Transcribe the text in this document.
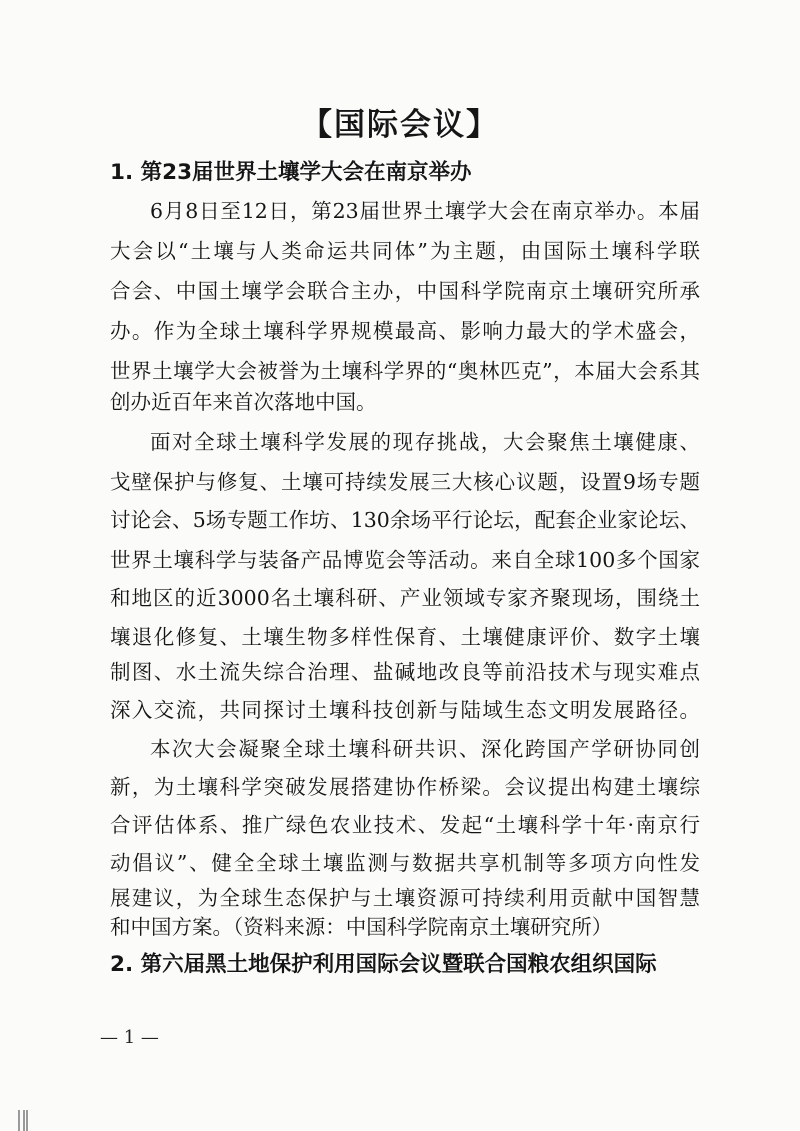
【国际会议】
1. 第23届世界土壤学大会在南京举办
6月8日至12日，第23届世界土壤学大会在南京举办。本届
大会以“土壤与人类命运共同体”为主题，由国际土壤科学联
合会、中国土壤学会联合主办，中国科学院南京土壤研究所承
办。作为全球土壤科学界规模最高、影响力最大的学术盛会，
世界土壤学大会被誉为土壤科学界的“奥林匹克”，本届大会系其
创办近百年来首次落地中国。
面对全球土壤科学发展的现存挑战，大会聚焦土壤健康、
戈壁保护与修复、土壤可持续发展三大核心议题，设置9场专题
讨论会、5场专题工作坊、130余场平行论坛，配套企业家论坛、
世界土壤科学与装备产品博览会等活动。来自全球100多个国家
和地区的近3000名土壤科研、产业领域专家齐聚现场，围绕土
壤退化修复、土壤生物多样性保育、土壤健康评价、数字土壤
制图、水土流失综合治理、盐碱地改良等前沿技术与现实难点
深入交流，共同探讨土壤科技创新与陆域生态文明发展路径。
本次大会凝聚全球土壤科研共识、深化跨国产学研协同创
新，为土壤科学突破发展搭建协作桥梁。会议提出构建土壤综
合评估体系、推广绿色农业技术、发起“土壤科学十年·南京行
动倡议”、健全全球土壤监测与数据共享机制等多项方向性发
展建议，为全球生态保护与土壤资源可持续利用贡献中国智慧
和中国方案。（资料来源：中国科学院南京土壤研究所）
2. 第六届黑土地保护利用国际会议暨联合国粮农组织国际
— 1 —
